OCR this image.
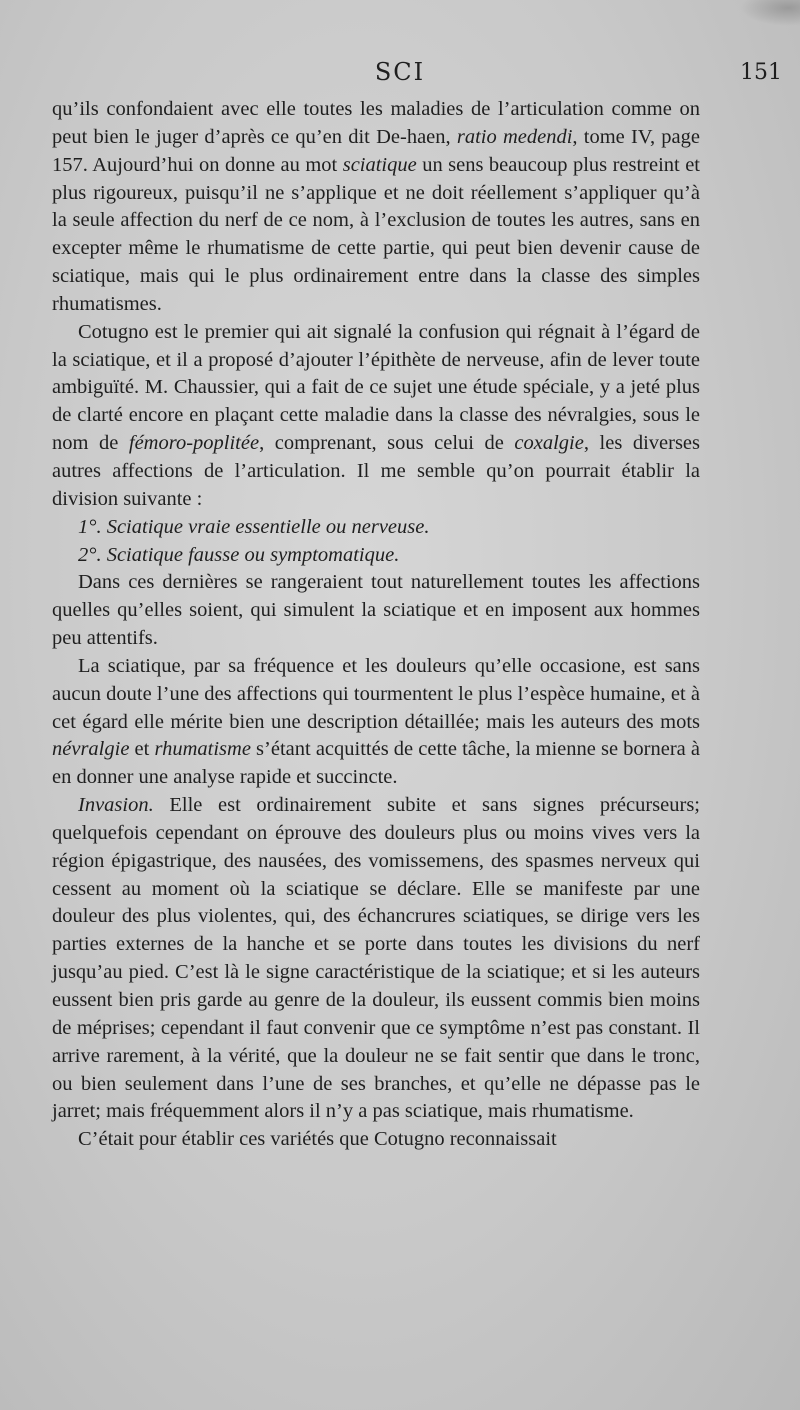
SCI	151

qu’ils confondaient avec elle toutes les maladies de l’articulation comme on peut bien le juger d’après ce qu’en dit De-haen, ratio medendi, tome IV, page 157. Aujourd’hui on donne au mot sciatique un sens beaucoup plus restreint et plus rigoureux, puisqu’il ne s’applique et ne doit réellement s’appliquer qu’à la seule affection du nerf de ce nom, à l’exclusion de toutes les autres, sans en excepter même le rhumatisme de cette partie, qui peut bien devenir cause de sciatique, mais qui le plus ordinairement entre dans la classe des simples rhumatismes.

Cotugno est le premier qui ait signalé la confusion qui régnait à l’égard de la sciatique, et il a proposé d’ajouter l’épithète de nerveuse, afin de lever toute ambiguïté. M. Chaussier, qui a fait de ce sujet une étude spéciale, y a jeté plus de clarté encore en plaçant cette maladie dans la classe des névralgies, sous le nom de fémoro-poplitée, comprenant, sous celui de coxalgie, les diverses autres affections de l’articulation. Il me semble qu’on pourrait établir la division suivante :

1°. Sciatique vraie essentielle ou nerveuse.

2°. Sciatique fausse ou symptomatique.

Dans ces dernières se rangeraient tout naturellement toutes les affections quelles qu’elles soient, qui simulent la sciatique et en imposent aux hommes peu attentifs.

La sciatique, par sa fréquence et les douleurs qu’elle occasione, est sans aucun doute l’une des affections qui tourmentent le plus l’espèce humaine, et à cet égard elle mérite bien une description détaillée; mais les auteurs des mots névralgie et rhumatisme s’étant acquittés de cette tâche, la mienne se bornera à en donner une analyse rapide et succincte.

Invasion. Elle est ordinairement subite et sans signes précurseurs; quelquefois cependant on éprouve des douleurs plus ou moins vives vers la région épigastrique, des nausées, des vomissemens, des spasmes nerveux qui cessent au moment où la sciatique se déclare. Elle se manifeste par une douleur des plus violentes, qui, des échancrures sciatiques, se dirige vers les parties externes de la hanche et se porte dans toutes les divisions du nerf jusqu’au pied. C’est là le signe caractéristique de la sciatique; et si les auteurs eussent bien pris garde au genre de la douleur, ils eussent commis bien moins de méprises; cependant il faut convenir que ce symptôme n’est pas constant. Il arrive rarement, à la vérité, que la douleur ne se fait sentir que dans le tronc, ou bien seulement dans l’une de ses branches, et qu’elle ne dépasse pas le jarret; mais fréquemment alors il n’y a pas sciatique, mais rhumatisme.

C’était pour établir ces variétés que Cotugno reconnaissait
